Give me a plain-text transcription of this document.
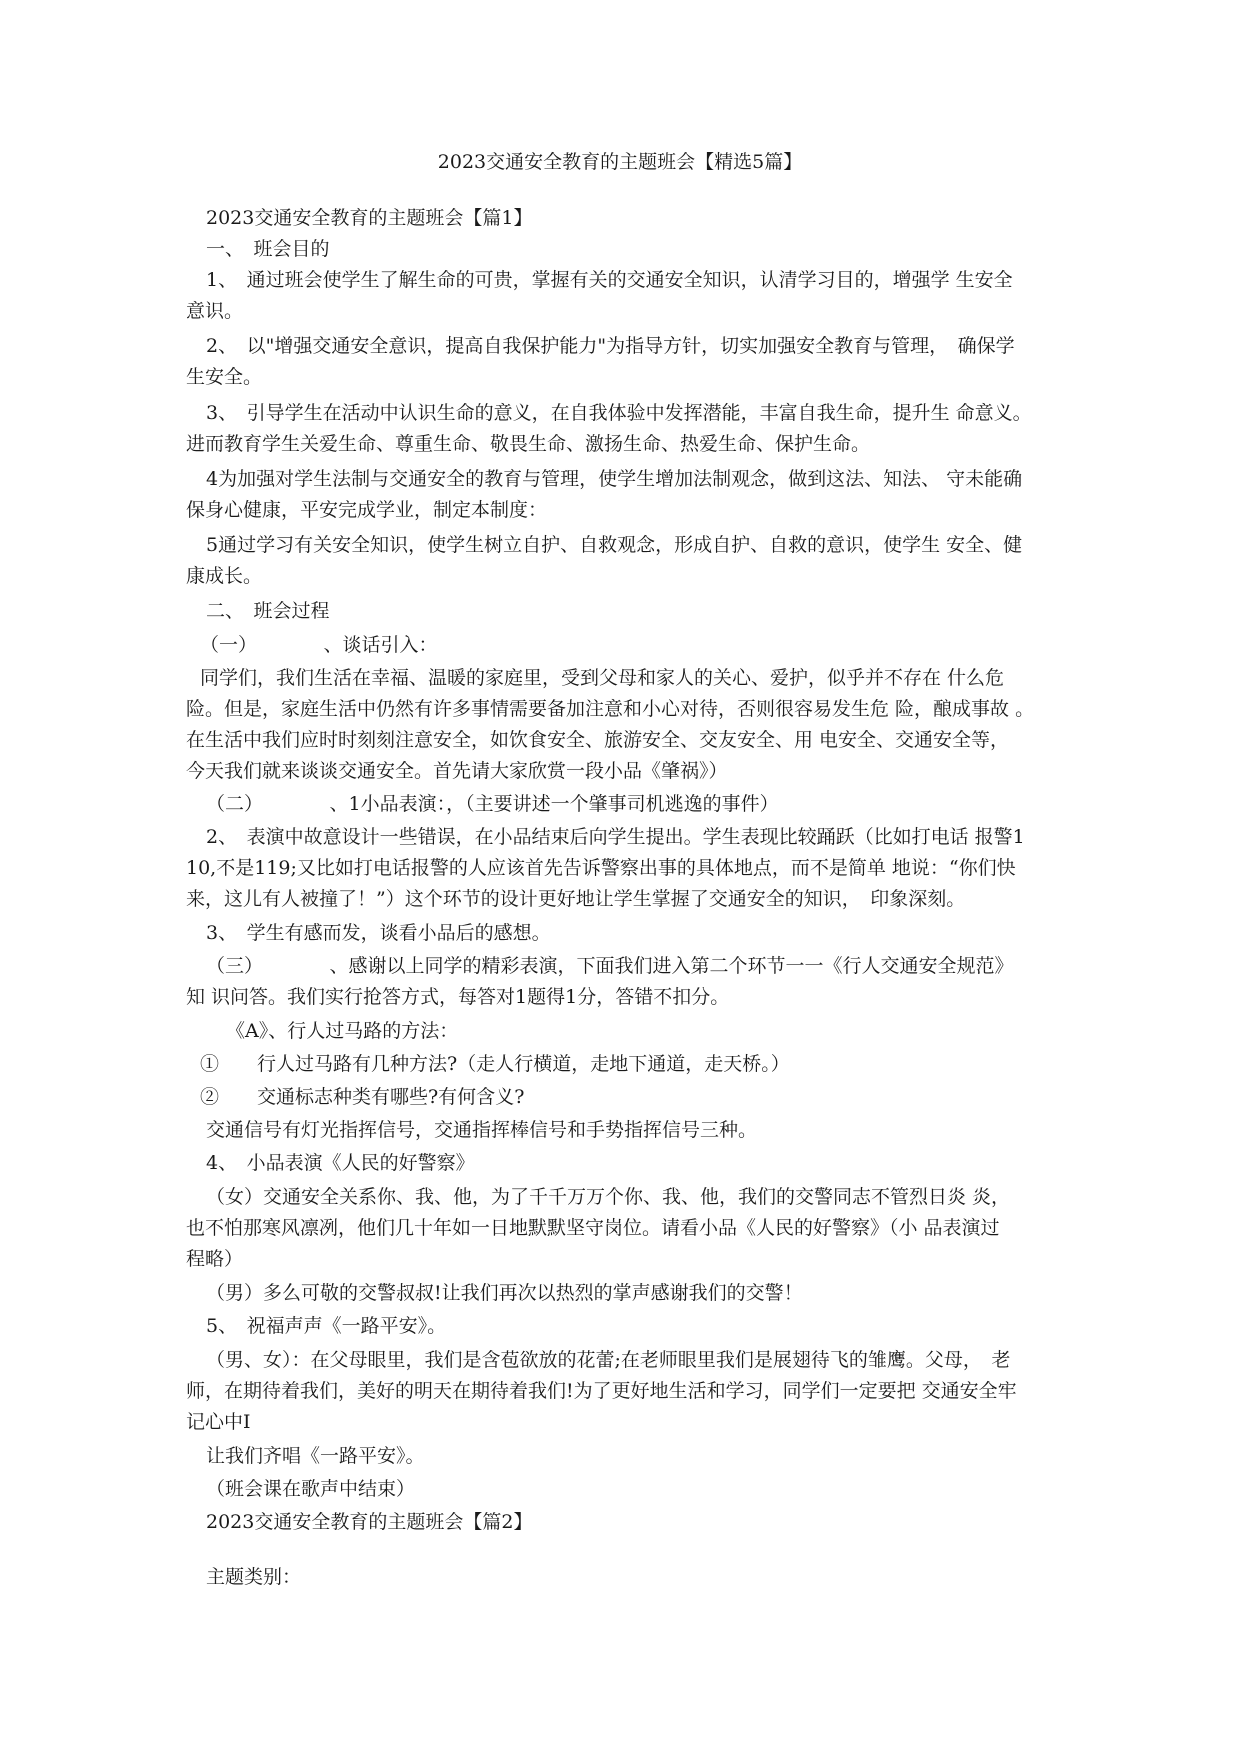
2023交通安全教育的主题班会【精选5篇】
2023交通安全教育的主题班会【篇1】
一、　班会目的
1、　通过班会使学生了解生命的可贵，掌握有关的交通安全知识，认清学习目的，增强学 生安全
意识。
2、　以"增强交通安全意识，提高自我保护能力"为指导方针，切实加强安全教育与管理，　确保学
生安全。
3、　引导学生在活动中认识生命的意义，在自我体验中发挥潜能，丰富自我生命，提升生 命意义。
进而教育学生关爱生命、尊重生命、敬畏生命、激扬生命、热爱生命、保护生命。
4为加强对学生法制与交通安全的教育与管理，使学生增加法制观念，做到这法、知法、 守未能确
保身心健康，平安完成学业，制定本制度：
5通过学习有关安全知识，使学生树立自护、自救观念，形成自护、自救的意识，使学生 安全、健
康成长。
二、　班会过程
（一）　　　　、谈话引入：
同学们，我们生活在幸福、温暖的家庭里，受到父母和家人的关心、爱护，似乎并不存在 什么危
险。但是，家庭生活中仍然有许多事情需要备加注意和小心对待，否则很容易发生危 险，酿成事故 。
在生活中我们应时时刻刻注意安全，如饮食安全、旅游安全、交友安全、用 电安全、交通安全等，
今天我们就来谈谈交通安全。首先请大家欣赏一段小品《肇祸》）
（二）　　　　、1小品表演：，（主要讲述一个肇事司机逃逸的事件）
2、　表演中故意设计一些错误，在小品结束后向学生提出。学生表现比较踊跃（比如打电话 报警1
10,不是119;又比如打电话报警的人应该首先告诉警察出事的具体地点，而不是简单 地说：“你们快
来，这儿有人被撞了！”）这个环节的设计更好地让学生掌握了交通安全的知识，　印象深刻。
3、　学生有感而发，谈看小品后的感想。
（三）　　　　、感谢以上同学的精彩表演，下面我们进入第二个环节一一《行人交通安全规范》
知 识问答。我们实行抢答方式，每答对1题得1分，答错不扣分。
《A》、行人过马路的方法：
①　　行人过马路有几种方法?（走人行横道，走地下通道，走天桥。）
②　　交通标志种类有哪些?有何含义?
交通信号有灯光指挥信号，交通指挥棒信号和手势指挥信号三种。
4、　小品表演《人民的好警察》
（女）交通安全关系你、我、他，为了千千万万个你、我、他，我们的交警同志不管烈日炎 炎，
也不怕那寒风凛冽，他们几十年如一日地默默坚守岗位。请看小品《人民的好警察》（小 品表演过
程略）
（男）多么可敬的交警叔叔!让我们再次以热烈的掌声感谢我们的交警！
5、　祝福声声《一路平安》。
（男、女）：在父母眼里，我们是含苞欲放的花蕾;在老师眼里我们是展翅待飞的雏鹰。父母，　老
师，在期待着我们，美好的明天在期待着我们!为了更好地生活和学习，同学们一定要把 交通安全牢
记心中I
让我们齐唱《一路平安》。
（班会课在歌声中结束）
2023交通安全教育的主题班会【篇2】
主题类别：
